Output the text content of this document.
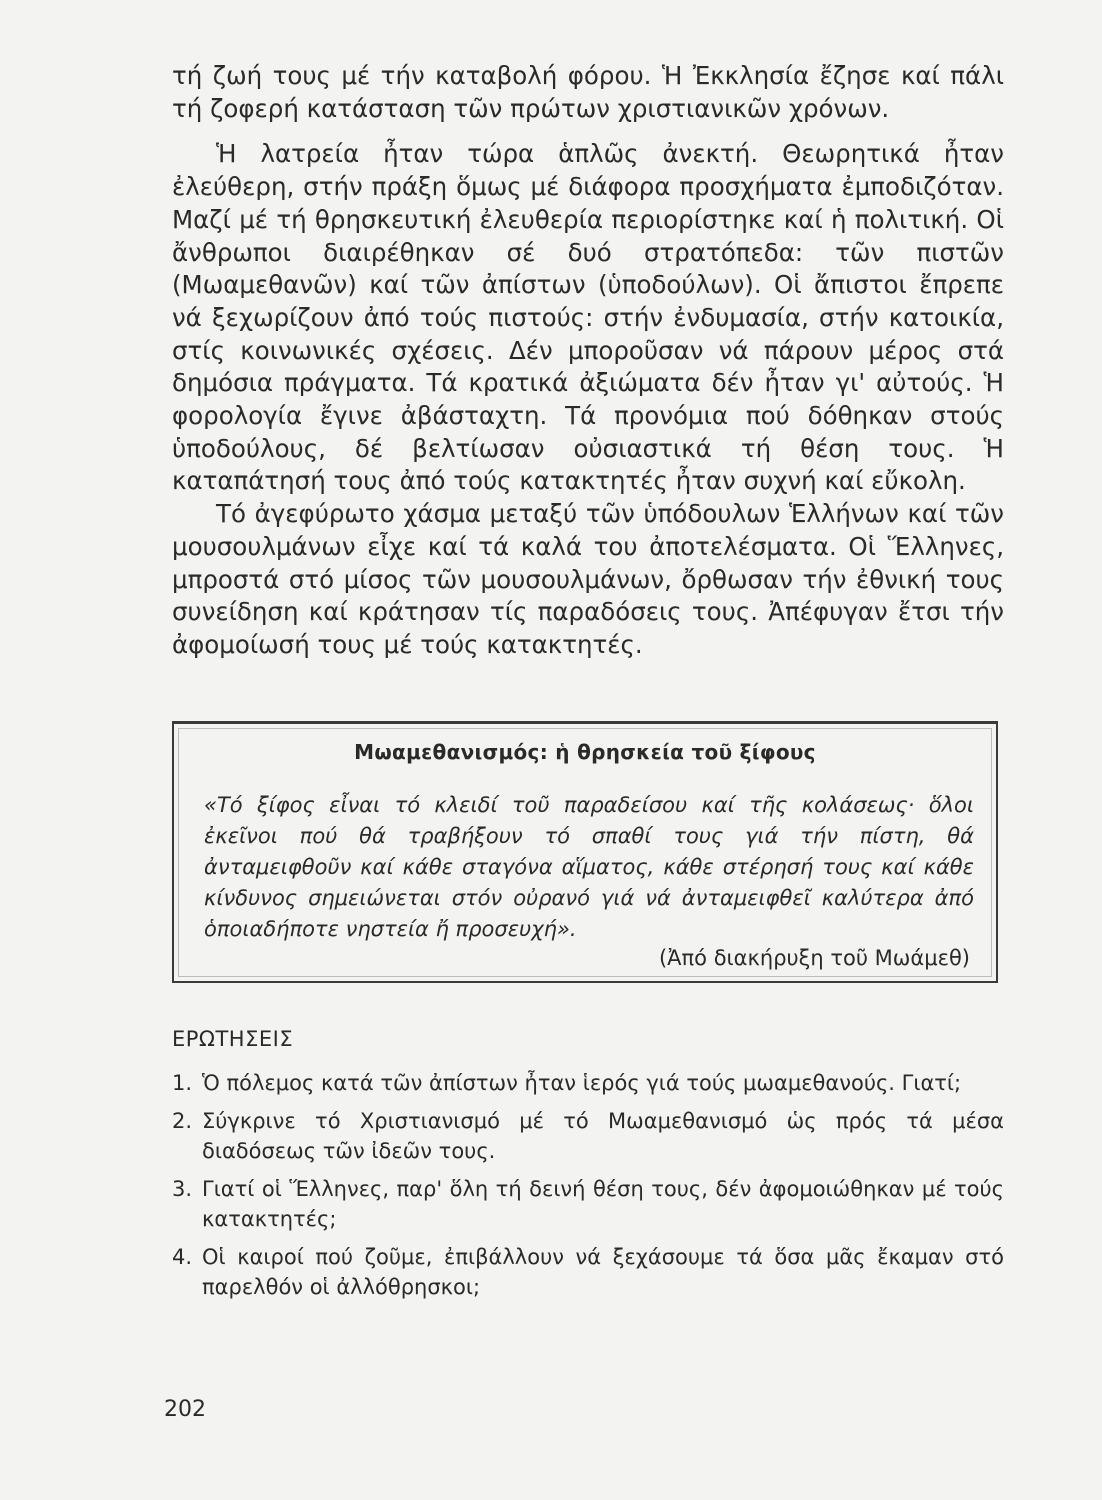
τή ζωή τους μέ τήν καταβολή φόρου. Ἡ Ἐκκλησία ἔζησε καί πάλι τή ζοφερή κατάσταση τῶν πρώτων χριστιανικῶν χρόνων.

Ἡ λατρεία ἦταν τώρα ἁπλῶς ἀνεκτή. Θεωρητικά ἦταν ἐλεύθερη, στήν πράξη ὅμως μέ διάφορα προσχήματα ἐμποδιζόταν. Μαζί μέ τή θρησκευτική ἐλευθερία περιορίστηκε καί ἡ πολιτική. Οἱ ἄνθρωποι διαιρέθηκαν σέ δυό στρατόπεδα: τῶν πιστῶν (Μωαμεθανῶν) καί τῶν ἀπίστων (ὑποδούλων). Οἱ ἄπιστοι ἔπρεπε νά ξεχωρίζουν ἀπό τούς πιστούς: στήν ἐνδυμασία, στήν κατοικία, στίς κοινωνικές σχέσεις. Δέν μποροῦσαν νά πάρουν μέρος στά δημόσια πράγματα. Τά κρατικά ἀξιώματα δέν ἦταν γι' αὐτούς. Ἡ φορολογία ἔγινε ἀβάσταχτη. Τά προνόμια πού δόθηκαν στούς ὑποδούλους, δέ βελτίωσαν οὐσιαστικά τή θέση τους. Ἡ καταπάτησή τους ἀπό τούς κατακτητές ἦταν συχνή καί εὔκολη.

Τό ἀγεφύρωτο χάσμα μεταξύ τῶν ὑπόδουλων Ἑλλήνων καί τῶν μουσουλμάνων εἶχε καί τά καλά του ἀποτελέσματα. Οἱ Ἕλληνες, μπροστά στό μίσος τῶν μουσουλμάνων, ὄρθωσαν τήν ἐθνική τους συνείδηση καί κράτησαν τίς παραδόσεις τους. Ἀπέφυγαν ἔτσι τήν ἀφομοίωσή τους μέ τούς κατακτητές.

Μωαμεθανισμός: ἡ θρησκεία τοῦ ξίφους

«Τό ξίφος εἶναι τό κλειδί τοῦ παραδείσου καί τῆς κολάσεως· ὅλοι ἐκεῖνοι πού θά τραβήξουν τό σπαθί τους γιά τήν πίστη, θά ἀνταμειφθοῦν καί κάθε σταγόνα αἵματος, κάθε στέρησή τους καί κάθε κίνδυνος σημειώνεται στόν οὐρανό γιά νά ἀνταμειφθεῖ καλύτερα ἀπό ὁποιαδήποτε νηστεία ἤ προσευχή».

(Ἀπό διακήρυξη τοῦ Μωάμεθ)
ΕΡΩΤΗΣΕΙΣ
1. Ὁ πόλεμος κατά τῶν ἀπίστων ἦταν ἱερός γιά τούς μωαμεθανούς. Γιατί;
2. Σύγκρινε τό Χριστιανισμό μέ τό Μωαμεθανισμό ὡς πρός τά μέσα διαδόσεως τῶν ἰδεῶν τους.
3. Γιατί οἱ Ἕλληνες, παρ' ὅλη τή δεινή θέση τους, δέν ἀφομοιώθηκαν μέ τούς κατακτητές;
4. Οἱ καιροί πού ζοῦμε, ἐπιβάλλουν νά ξεχάσουμε τά ὅσα μᾶς ἔκαμαν στό παρελθόν οἱ ἀλλόθρησκοι;
202
